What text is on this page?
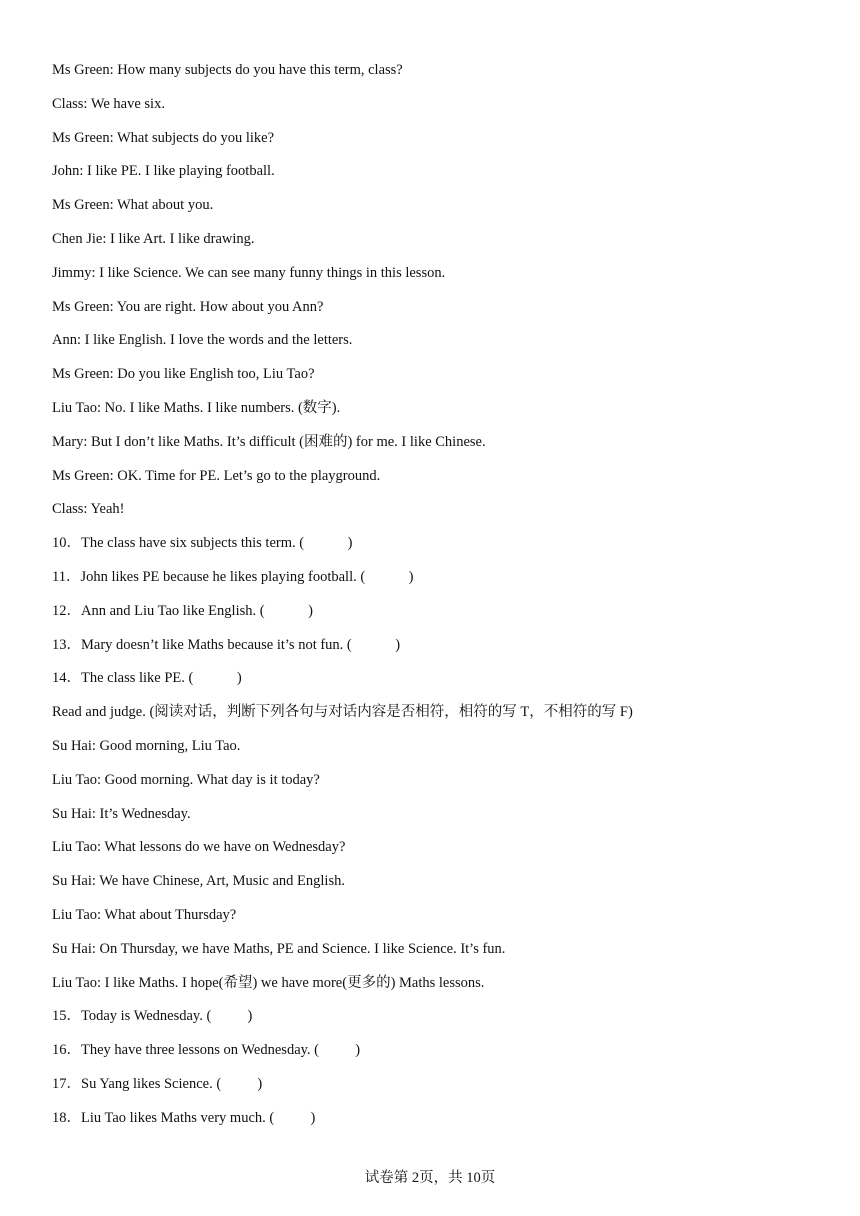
Ms Green: How many subjects do you have this term, class?
Class: We have six.
Ms Green: What subjects do you like?
John: I like PE. I like playing football.
Ms Green: What about you.
Chen Jie: I like Art. I like drawing.
Jimmy: I like Science. We can see many funny things in this lesson.
Ms Green: You are right. How about you Ann?
Ann: I like English. I love the words and the letters.
Ms Green: Do you like English too, Liu Tao?
Liu Tao: No. I like Maths. I like numbers. (数字).
Mary: But I don’t like Maths. It’s difficult (困难的) for me. I like Chinese.
Ms Green: OK. Time for PE. Let’s go to the playground.
Class: Yeah!
10．The class have six subjects this term. (            )
11．John likes PE because he likes playing football. (            )
12．Ann and Liu Tao like English. (            )
13．Mary doesn’t like Maths because it’s not fun. (            )
14．The class like PE. (            )
Read and judge. (阅读对话，判断下列各句与对话内容是否相符，相符的写 T，不相符的写 F)
Su Hai: Good morning, Liu Tao.
Liu Tao: Good morning. What day is it today?
Su Hai: It’s Wednesday.
Liu Tao: What lessons do we have on Wednesday?
Su Hai: We have Chinese, Art, Music and English.
Liu Tao: What about Thursday?
Su Hai: On Thursday, we have Maths, PE and Science. I like Science. It’s fun.
Liu Tao: I like Maths. I hope(希望) we have more(更多的) Maths lessons.
15．Today is Wednesday. (          )
16．They have three lessons on Wednesday. (          )
17．Su Yang likes Science. (          )
18．Liu Tao likes Maths very much. (          )
试卷第 2页，共 10页
